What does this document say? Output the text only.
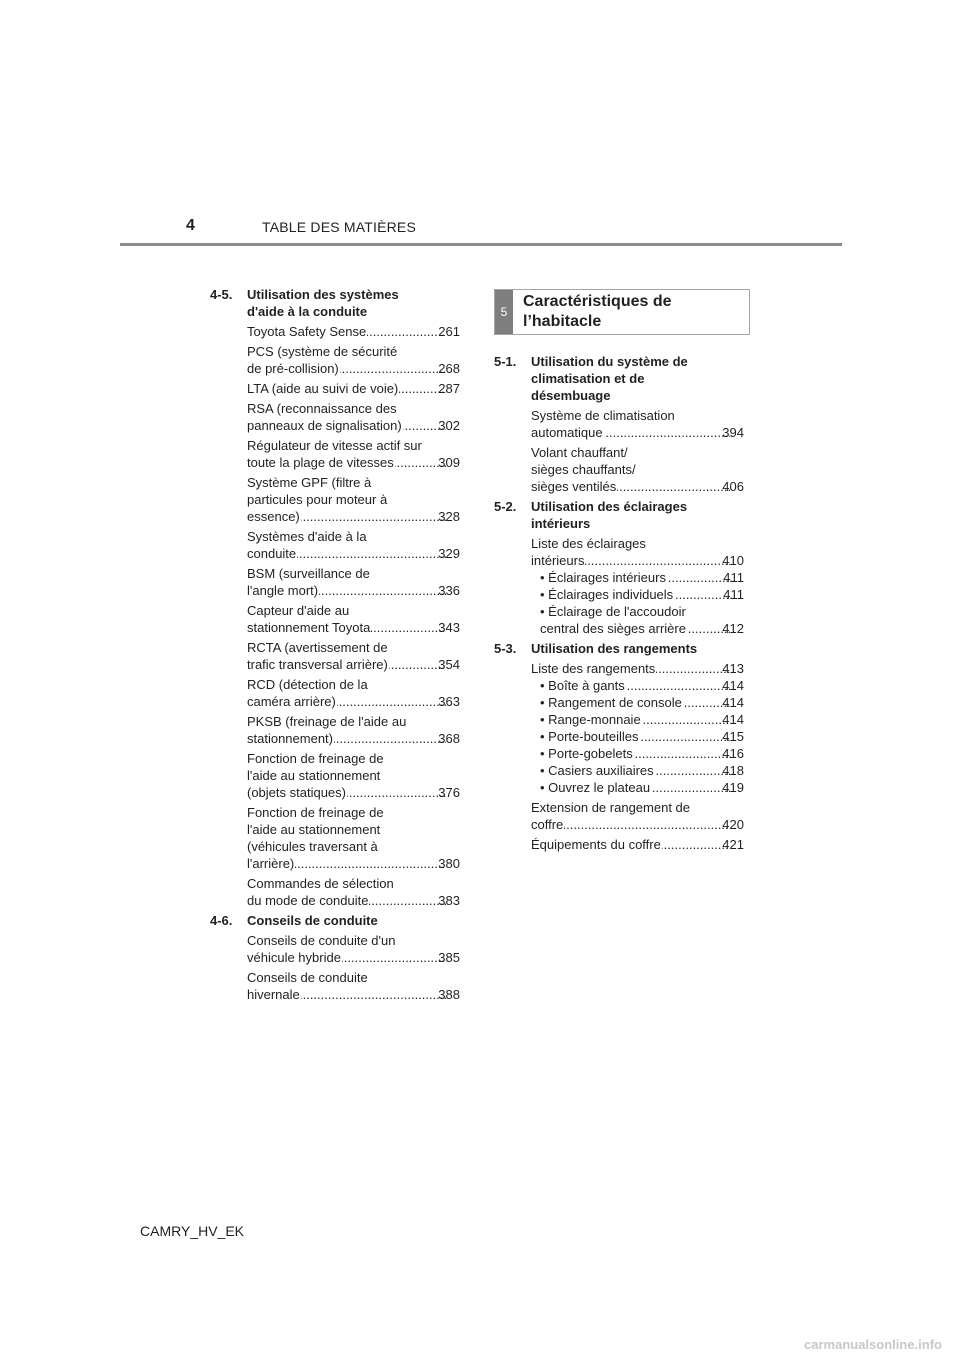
4	TABLE DES MATIÈRES
4-5. Utilisation des systèmes
d'aide à la conduite
Toyota Safety Sense .....	261
PCS (système de sécurité
de pré-collision) .....	268
LTA (aide au suivi de voie) .....	287
RSA (reconnaissance des
panneaux de signalisation) .....	302
Régulateur de vitesse actif sur
toute la plage de vitesses .....	309
Système GPF (filtre à
particules pour moteur à
essence) .....	328
Systèmes d'aide à la
conduite .....	329
BSM (surveillance de
l'angle mort) .....	336
Capteur d'aide au
stationnement Toyota .....	343
RCTA (avertissement de
trafic transversal arrière) .....	354
RCD (détection de la
caméra arrière) .....	363
PKSB (freinage de l'aide au
stationnement) .....	368
Fonction de freinage de
l'aide au stationnement
(objets statiques) .....	376
Fonction de freinage de
l'aide au stationnement
(véhicules traversant à
l'arrière) .....	380
Commandes de sélection
du mode de conduite .....	383
4-6. Conseils de conduite
Conseils de conduite d'un
véhicule hybride .....	385
Conseils de conduite
hivernale .....	388
5
Caractéristiques de
l’habitacle
5-1. Utilisation du système de
climatisation et de
désembuage
Système de climatisation
automatique .....	394
Volant chauffant/
sièges chauffants/
sièges ventilés .....	406
5-2. Utilisation des éclairages
intérieurs
Liste des éclairages
intérieurs .....	410
• Éclairages intérieurs .....	411
• Éclairages individuels .....	411
• Éclairage de l'accoudoir
central des sièges arrière .....	412
5-3. Utilisation des rangements
Liste des rangements .....	413
• Boîte à gants .....	414
• Rangement de console .....	414
• Range-monnaie .....	414
• Porte-bouteilles .....	415
• Porte-gobelets .....	416
• Casiers auxiliaires .....	418
• Ouvrez le plateau .....	419
Extension de rangement de
coffre .....	420
Équipements du coffre .....	421
CAMRY_HV_EK
carmanualsonline.info
